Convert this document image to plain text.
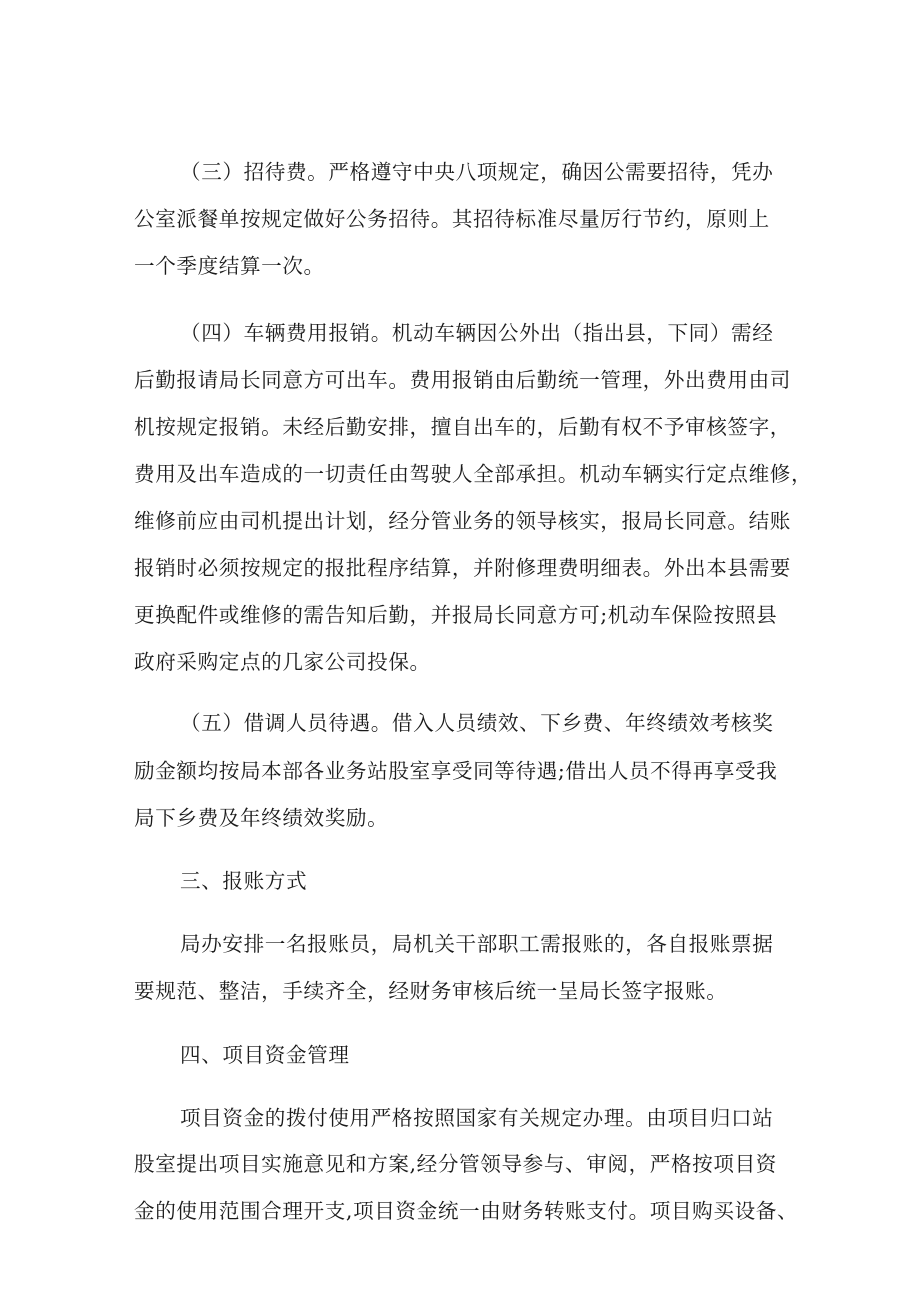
（三）招待费。严格遵守中央八项规定，确因公需要招待，凭办
公室派餐单按规定做好公务招待。其招待标准尽量厉行节约，原则上
一个季度结算一次。
（四）车辆费用报销。机动车辆因公外出（指出县，下同）需经
后勤报请局长同意方可出车。费用报销由后勤统一管理，外出费用由司
机按规定报销。未经后勤安排，擅自出车的，后勤有权不予审核签字，
费用及出车造成的一切责任由驾驶人全部承担。机动车辆实行定点维修，
维修前应由司机提出计划，经分管业务的领导核实，报局长同意。结账
报销时必须按规定的报批程序结算，并附修理费明细表。外出本县需要
更换配件或维修的需告知后勤，并报局长同意方可;机动车保险按照县
政府采购定点的几家公司投保。
（五）借调人员待遇。借入人员绩效、下乡费、年终绩效考核奖
励金额均按局本部各业务站股室享受同等待遇;借出人员不得再享受我
局下乡费及年终绩效奖励。
三、报账方式
局办安排一名报账员，局机关干部职工需报账的，各自报账票据
要规范、整洁，手续齐全，经财务审核后统一呈局长签字报账。
四、项目资金管理
项目资金的拨付使用严格按照国家有关规定办理。由项目归口站
股室提出项目实施意见和方案,经分管领导参与、审阅，严格按项目资
金的使用范围合理开支,项目资金统一由财务转账支付。项目购买设备、
